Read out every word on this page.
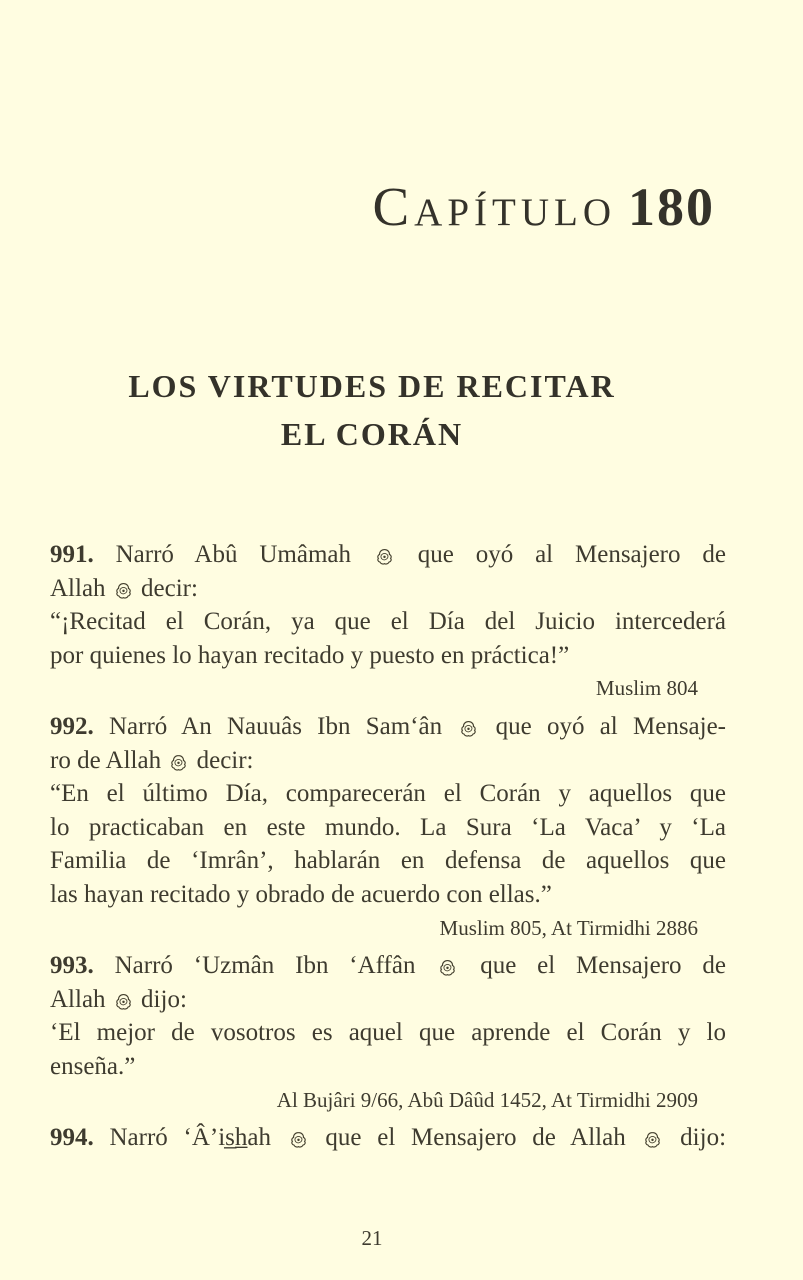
Capítulo 180
LOS VIRTUDES DE RECITAR
EL CORÁN
991. Narró Abû Umâmah  que oyó al Mensajero de
Allah  decir:
“¡Recitad el Corán, ya que el Día del Juicio intercederá
por quienes lo hayan recitado y puesto en práctica!”
Muslim 804
992. Narró An Nauuâs Ibn Sam‘ân  que oyó al Mensaje-
ro de Allah  decir:
“En el último Día, comparecerán el Corán y aquellos que
lo practicaban en este mundo. La Sura ‘La Vaca’ y ‘La
Familia de ‘Imrân’, hablarán en defensa de aquellos que
las hayan recitado y obrado de acuerdo con ellas.”
Muslim 805, At Tirmidhi 2886
993. Narró ‘Uzmân Ibn ‘Affân  que el Mensajero de
Allah  dijo:
‘El mejor de vosotros es aquel que aprende el Corán y lo
enseña.”
Al Bujâri 9/66, Abû Dâûd 1452, At Tirmidhi 2909
994. Narró ‘Â’is̲h̲ah  que el Mensajero de Allah  dijo:
21
